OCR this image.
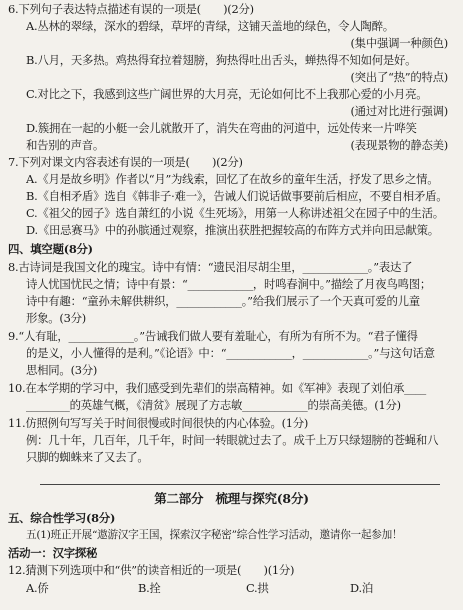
6.下列句子表达特点描述有误的一项是(　　)(2分)
A.丛林的翠绿，深水的碧绿，草坪的青绿，这铺天盖地的绿色，令人陶醉。
(集中强调一种颜色)
B.八月，天多热。鸡热得耷拉着翅膀，狗热得吐出舌头，蝉热得不知如何是好。
(突出了“热”的特点)
C.对比之下，我感到这些广阔世界的大月亮，无论如何比不上我那心爱的小月亮。
(通过对比进行强调)
D.簇拥在一起的小艇一会儿就散开了，消失在弯曲的河道中，远处传来一片哗笑
和告别的声音。	(表现景物的静态美)
7.下列对课文内容表述有误的一项是(　　)(2分)
A.《月是故乡明》作者以“月”为线索，回忆了在故乡的童年生活，抒发了思乡之情。
B.《自相矛盾》选自《韩非子·难一》，告诫人们说话做事要前后相应，不要自相矛盾。
C.《祖父的园子》选自萧红的小说《生死场》，用第一人称讲述祖父在园子中的生活。
D.《田忌赛马》中的孙膑通过观察，推演出获胜把握较高的布阵方式并向田忌献策。
四、填空题(8分)
8.古诗词是我国文化的瑰宝。诗中有情：“遗民泪尽胡尘里，____________。”表达了
诗人忧国忧民之情；诗中有景：“____________，时鸣春涧中。”描绘了月夜鸟鸣图；
诗中有趣：“童孙未解供耕织，____________。”给我们展示了一个天真可爱的儿童
形象。(3分)
9.“人有耻，____________。”告诫我们做人要有羞耻心，有所为有所不为。“君子懂得
的是义，小人懂得的是利。”《论语》中：“____________，____________。”与这句话意
思相同。(3分)
10.在本学期的学习中，我们感受到先辈们的崇高精神。如《军神》表现了刘伯承____
________的英雄气概，《清贫》展现了方志敏____________的崇高美德。(1分)
11.仿照例句写写关于时间很慢或时间很快的内心体验。(1分)
例：几十年，几百年，几千年，时间一转眼就过去了。成千上万只绿翅膀的苍蝇和八
只脚的蜘蛛来了又去了。
第二部分　梳理与探究(8分)
五、综合性学习(8分)
五(1)班正开展“遨游汉字王国，探索汉字秘密”综合性学习活动，邀请你一起参加！
活动一：汉字探秘
12.猜测下列选项中和“供”的读音相近的一项是(　　)(1分)
A.侨	B.拴	C.拱	D.泊
